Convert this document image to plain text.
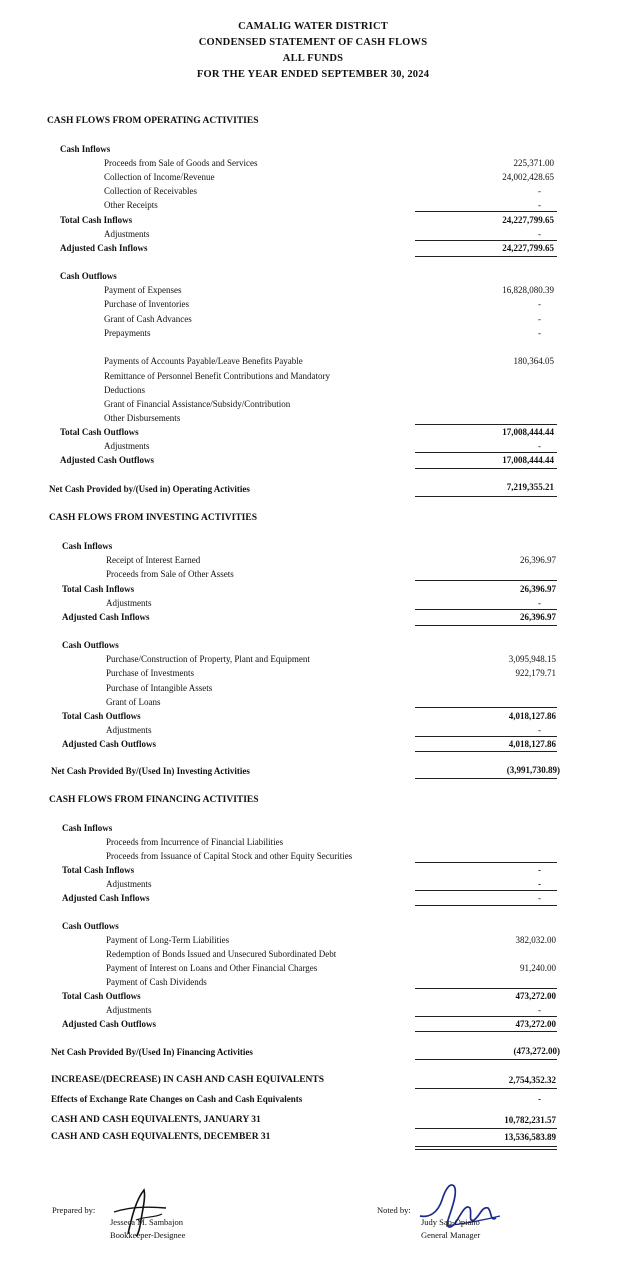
CAMALIG WATER DISTRICT
CONDENSED STATEMENT OF CASH FLOWS
ALL FUNDS
FOR THE YEAR ENDED SEPTEMBER 30, 2024
CASH FLOWS FROM OPERATING ACTIVITIES
Cash Inflows
Proceeds from Sale of Goods and Services	225,371.00
Collection of Income/Revenue	24,002,428.65
Collection of Receivables	-
Other Receipts	-
Total Cash Inflows	24,227,799.65
Adjustments	-
Adjusted Cash Inflows	24,227,799.65
Cash Outflows
Payment of Expenses	16,828,080.39
Purchase of Inventories	-
Grant of Cash Advances	-
Prepayments	-
Payments of Accounts Payable/Leave Benefits Payable	180,364.05
Remittance of Personnel Benefit Contributions and Mandatory
Deductions
Grant of Financial Assistance/Subsidy/Contribution
Other Disbursements
Total Cash Outflows	17,008,444.44
Adjustments	-
Adjusted Cash Outflows	17,008,444.44
Net Cash Provided by/(Used in) Operating Activities	7,219,355.21
CASH FLOWS FROM INVESTING ACTIVITIES
Cash Inflows
Receipt of Interest Earned	26,396.97
Proceeds from Sale of Other Assets
Total Cash Inflows	26,396.97
Adjustments	-
Adjusted Cash Inflows	26,396.97
Cash Outflows
Purchase/Construction of Property, Plant and Equipment	3,095,948.15
Purchase of Investments	922,179.71
Purchase of Intangible Assets
Grant of Loans
Total Cash Outflows	4,018,127.86
Adjustments	-
Adjusted Cash Outflows	4,018,127.86
Net Cash Provided By/(Used In) Investing Activities	(3,991,730.89)
CASH FLOWS FROM FINANCING ACTIVITIES
Cash Inflows
Proceeds from Incurrence of Financial Liabilities
Proceeds from Issuance of Capital Stock and other Equity Securities
Total Cash Inflows	-
Adjustments	-
Adjusted Cash Inflows	-
Cash Outflows
Payment of Long-Term Liabilities	382,032.00
Redemption of Bonds Issued and Unsecured Subordinated Debt
Payment of Interest on Loans and Other Financial Charges	91,240.00
Payment of Cash Dividends
Total Cash Outflows	473,272.00
Adjustments	-
Adjusted Cash Outflows	473,272.00
Net Cash Provided By/(Used In) Financing Activities	(473,272.00)
INCREASE/(DECREASE) IN CASH AND CASH EQUIVALENTS	2,754,352.32
Effects of Exchange Rate Changes on Cash and Cash Equivalents	-
CASH AND CASH EQUIVALENTS, JANUARY 31	10,782,231.57
CASH AND CASH EQUIVALENTS, DECEMBER 31	13,536,583.89
Prepared by:
Jesseca M. Sambajon
Bookkeeper-Designee
Noted by:
Judy Sao-Opiano
General Manager
